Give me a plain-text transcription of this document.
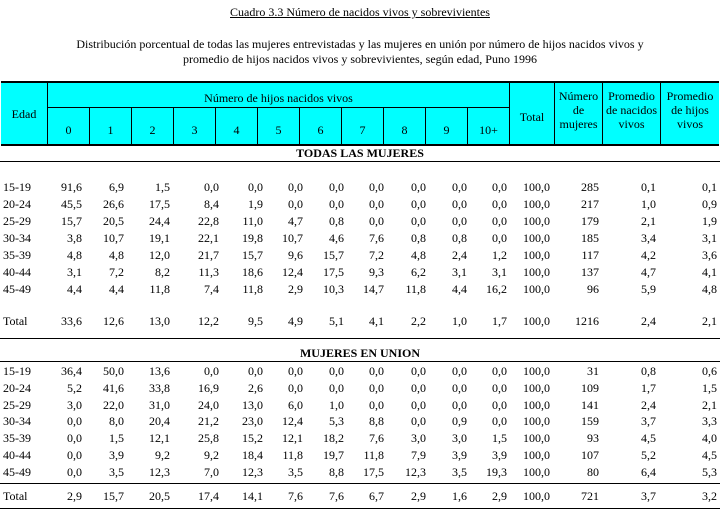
Cuadro 3.3 Número de nacidos vivos y sobrevivientes
Distribución porcentual de todas las mujeres entrevistadas y las mujeres en unión por número de hijos nacidos vivos y
promedio de hijos nacidos vivos y sobrevivientes, según edad, Puno 1996
Edad
Número de hijos nacidos vivos
Total
Número
de
mujeres
Promedio
de nacidos
vivos
Promedio
de hijos
vivos
0	1	2	3	4	5	6	7	8	9	10+
TODAS LAS MUJERES
15-19	91,6 6,9	1,5	0,0 0,0 0,0 0,0 0,0 0,0 0,0 0,0 100,0	285	0,1	0,1
20-24	45,5 26,6 17,5	8,4 1,9 0,0 0,0 0,0 0,0 0,0 0,0 100,0	217	1,0	0,9
25-29	15,7 20,5 24,4 22,8 11,0 4,7 0,8 0,0 0,0 0,0 0,0 100,0	179	2,1	1,9
30-34	3,8 10,7 19,1 22,1 19,8 10,7 4,6 7,6 0,8 0,8 0,0 100,0	185	3,4	3,1
35-39	4,8 4,8 12,0 21,7 15,7 9,6 15,7 7,2 4,8 2,4 1,2 100,0	117	4,2	3,6
40-44	3,1 7,2	8,2 11,3 18,6 12,4 17,5 9,3 6,2 3,1 3,1 100,0	137	4,7	4,1
45-49	4,4 4,4 11,8	7,4 11,8 2,9 10,3 14,7 11,8 4,4 16,2 100,0	96	5,9	4,8
Total	33,6 12,6 13,0 12,2 9,5 4,9 5,1 4,1 2,2 1,0 1,7 100,0 1216	2,4	2,1
MUJERES EN UNION
15-19	36,4 50,0 13,6	0,0 0,0 0,0 0,0 0,0 0,0 0,0 0,0 100,0	31	0,8	0,6
20-24	5,2 41,6 33,8 16,9 2,6 0,0 0,0 0,0 0,0 0,0 0,0 100,0	109	1,7	1,5
25-29	3,0 22,0 31,0 24,0 13,0 6,0 1,0 0,0 0,0 0,0 0,0 100,0	141	2,4	2,1
30-34	0,0 8,0 20,4 21,2 23,0 12,4 5,3 8,8 0,0 0,9 0,0 100,0	159	3,7	3,3
35-39	0,0 1,5 12,1 25,8 15,2 12,1 18,2 7,6 3,0 3,0 1,5 100,0	93	4,5	4,0
40-44	0,0 3,9	9,2	9,2 18,4 11,8 19,7 11,8 7,9 3,9 3,9 100,0	107	5,2	4,5
45-49	0,0 3,5 12,3	7,0 12,3 3,5 8,8 17,5 12,3 3,5 19,3 100,0	80	6,4	5,3
Total	2,9 15,7 20,5 17,4 14,1 7,6 7,6 6,7 2,9 1,6 2,9 100,0	721	3,7	3,2
